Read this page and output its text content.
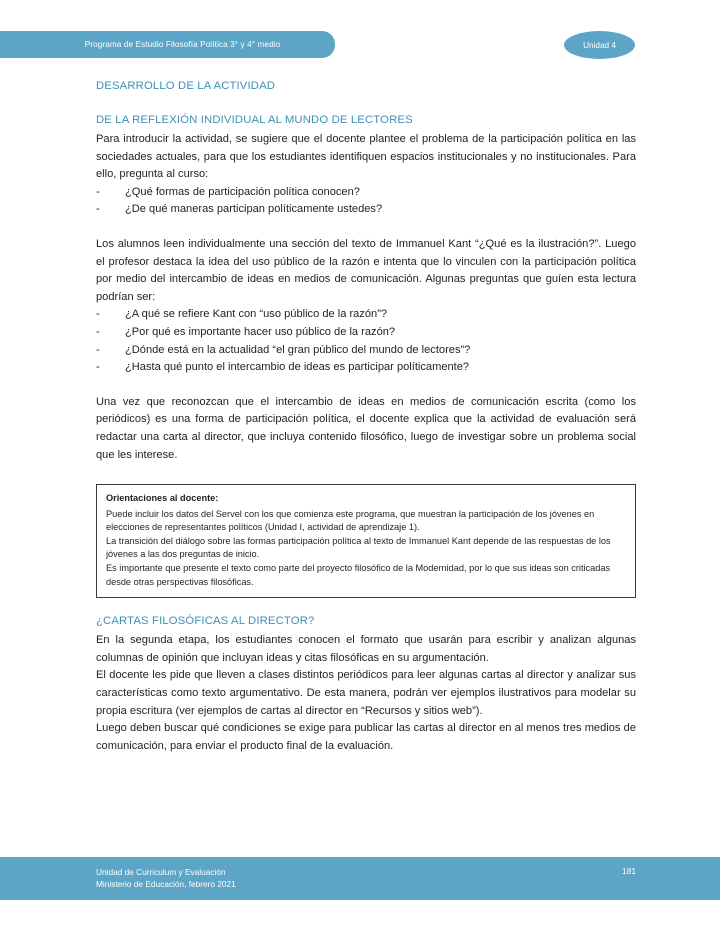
Programa de Estudio Filosofía Política 3° y 4° medio	Unidad 4
DESARROLLO DE LA ACTIVIDAD
DE LA REFLEXIÓN INDIVIDUAL AL MUNDO DE LECTORES

Para introducir la actividad, se sugiere que el docente plantee el problema de la participación política en las sociedades actuales, para que los estudiantes identifiquen espacios institucionales y no institucionales. Para ello, pregunta al curso:

- ¿Qué formas de participación política conocen?
- ¿De qué maneras participan políticamente ustedes?

Los alumnos leen individualmente una sección del texto de Immanuel Kant “¿Qué es la ilustración?”. Luego el profesor destaca la idea del uso público de la razón e intenta que lo vinculen con la participación política por medio del intercambio de ideas en medios de comunicación. Algunas preguntas que guíen esta lectura podrían ser:

- ¿A qué se refiere Kant con “uso público de la razón”?
- ¿Por qué es importante hacer uso público de la razón?
- ¿Dónde está en la actualidad “el gran público del mundo de lectores”?
- ¿Hasta qué punto el intercambio de ideas es participar políticamente?

Una vez que reconozcan que el intercambio de ideas en medios de comunicación escrita (como los periódicos) es una forma de participación política, el docente explica que la actividad de evaluación será redactar una carta al director, que incluya contenido filosófico, luego de investigar sobre un problema social que les interese.

Orientaciones al docente:

Puede incluir los datos del Servel con los que comienza este programa, que muestran la participación de los jóvenes en elecciones de representantes políticos (Unidad I, actividad de aprendizaje 1).

La transición del diálogo sobre las formas participación política al texto de Immanuel Kant depende de las respuestas de los jóvenes a las dos preguntas de inicio.

Es importante que presente el texto como parte del proyecto filosófico de la Modernidad, por lo que sus ideas son criticadas desde otras perspectivas filosóficas.

¿CARTAS FILOSÓFICAS AL DIRECTOR?

En la segunda etapa, los estudiantes conocen el formato que usarán para escribir y analizan algunas columnas de opinión que incluyan ideas y citas filosóficas en su argumentación.

El docente les pide que lleven a clases distintos periódicos para leer algunas cartas al director y analizar sus características como texto argumentativo. De esta manera, podrán ver ejemplos ilustrativos para modelar su propia escritura (ver ejemplos de cartas al director en “Recursos y sitios web”).

Luego deben buscar qué condiciones se exige para publicar las cartas al director en al menos tres medios de comunicación, para enviar el producto final de la evaluación.

Unidad de Curriculum y Evaluación
Ministerio de Educación, febrero 2021
181
